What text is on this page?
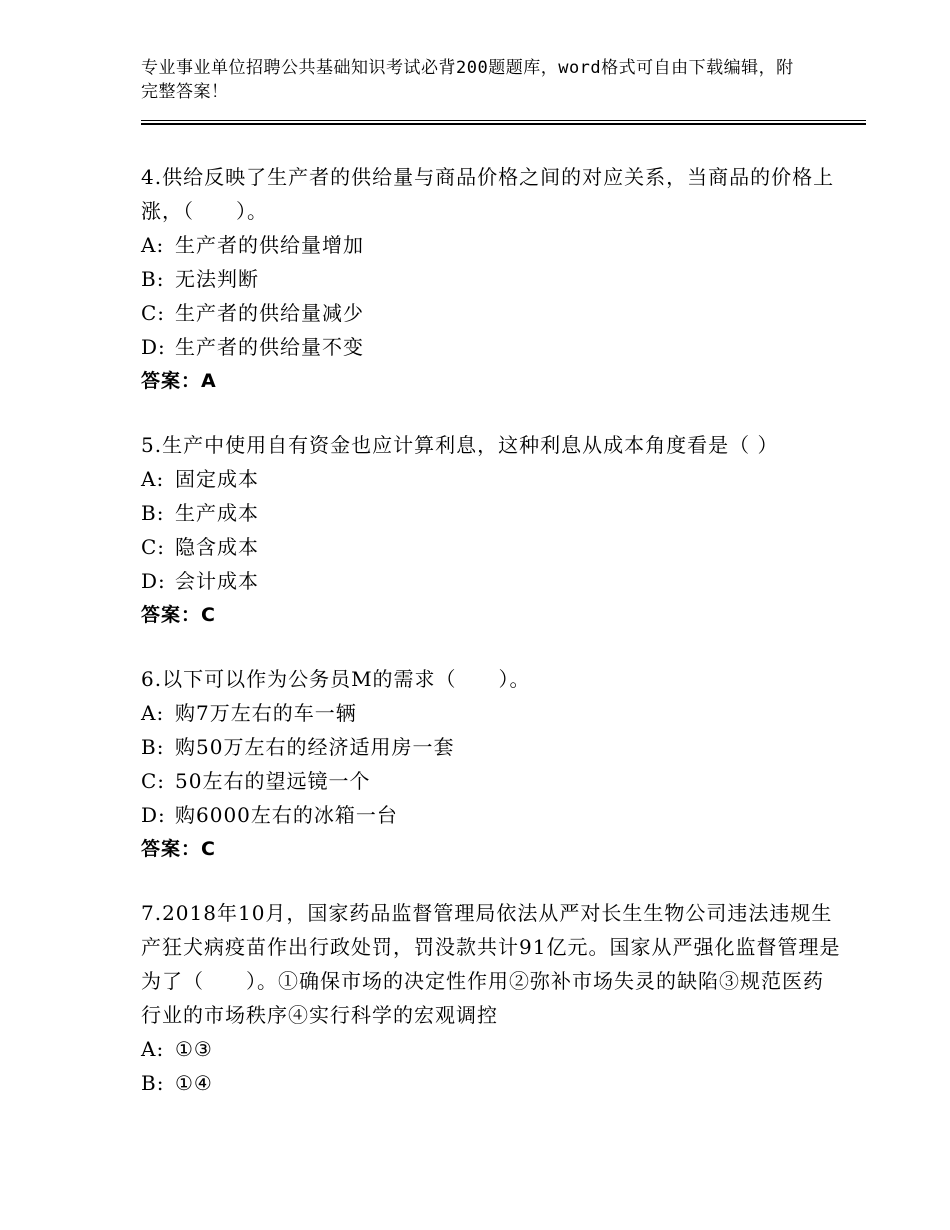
专业事业单位招聘公共基础知识考试必背200题题库，word格式可自由下载编辑，附完整答案！

4.供给反映了生产者的供给量与商品价格之间的对应关系，当商品的价格上涨，（　　）。

A: 生产者的供给量增加

B: 无法判断

C: 生产者的供给量减少

D: 生产者的供给量不变

答案：A

5.生产中使用自有资金也应计算利息，这种利息从成本角度看是（ ）

A: 固定成本

B: 生产成本

C: 隐含成本

D: 会计成本

答案：C

6.以下可以作为公务员M的需求（　　）。

A: 购7万左右的车一辆

B: 购50万左右的经济适用房一套

C: 50左右的望远镜一个

D: 购6000左右的冰箱一台

答案：C

7.2018年10月，国家药品监督管理局依法从严对长生生物公司违法违规生产狂犬病疫苗作出行政处罚，罚没款共计91亿元。国家从严强化监督管理是为了（　　）。①确保市场的决定性作用②弥补市场失灵的缺陷③规范医药行业的市场秩序④实行科学的宏观调控

A: ①③

B: ①④
